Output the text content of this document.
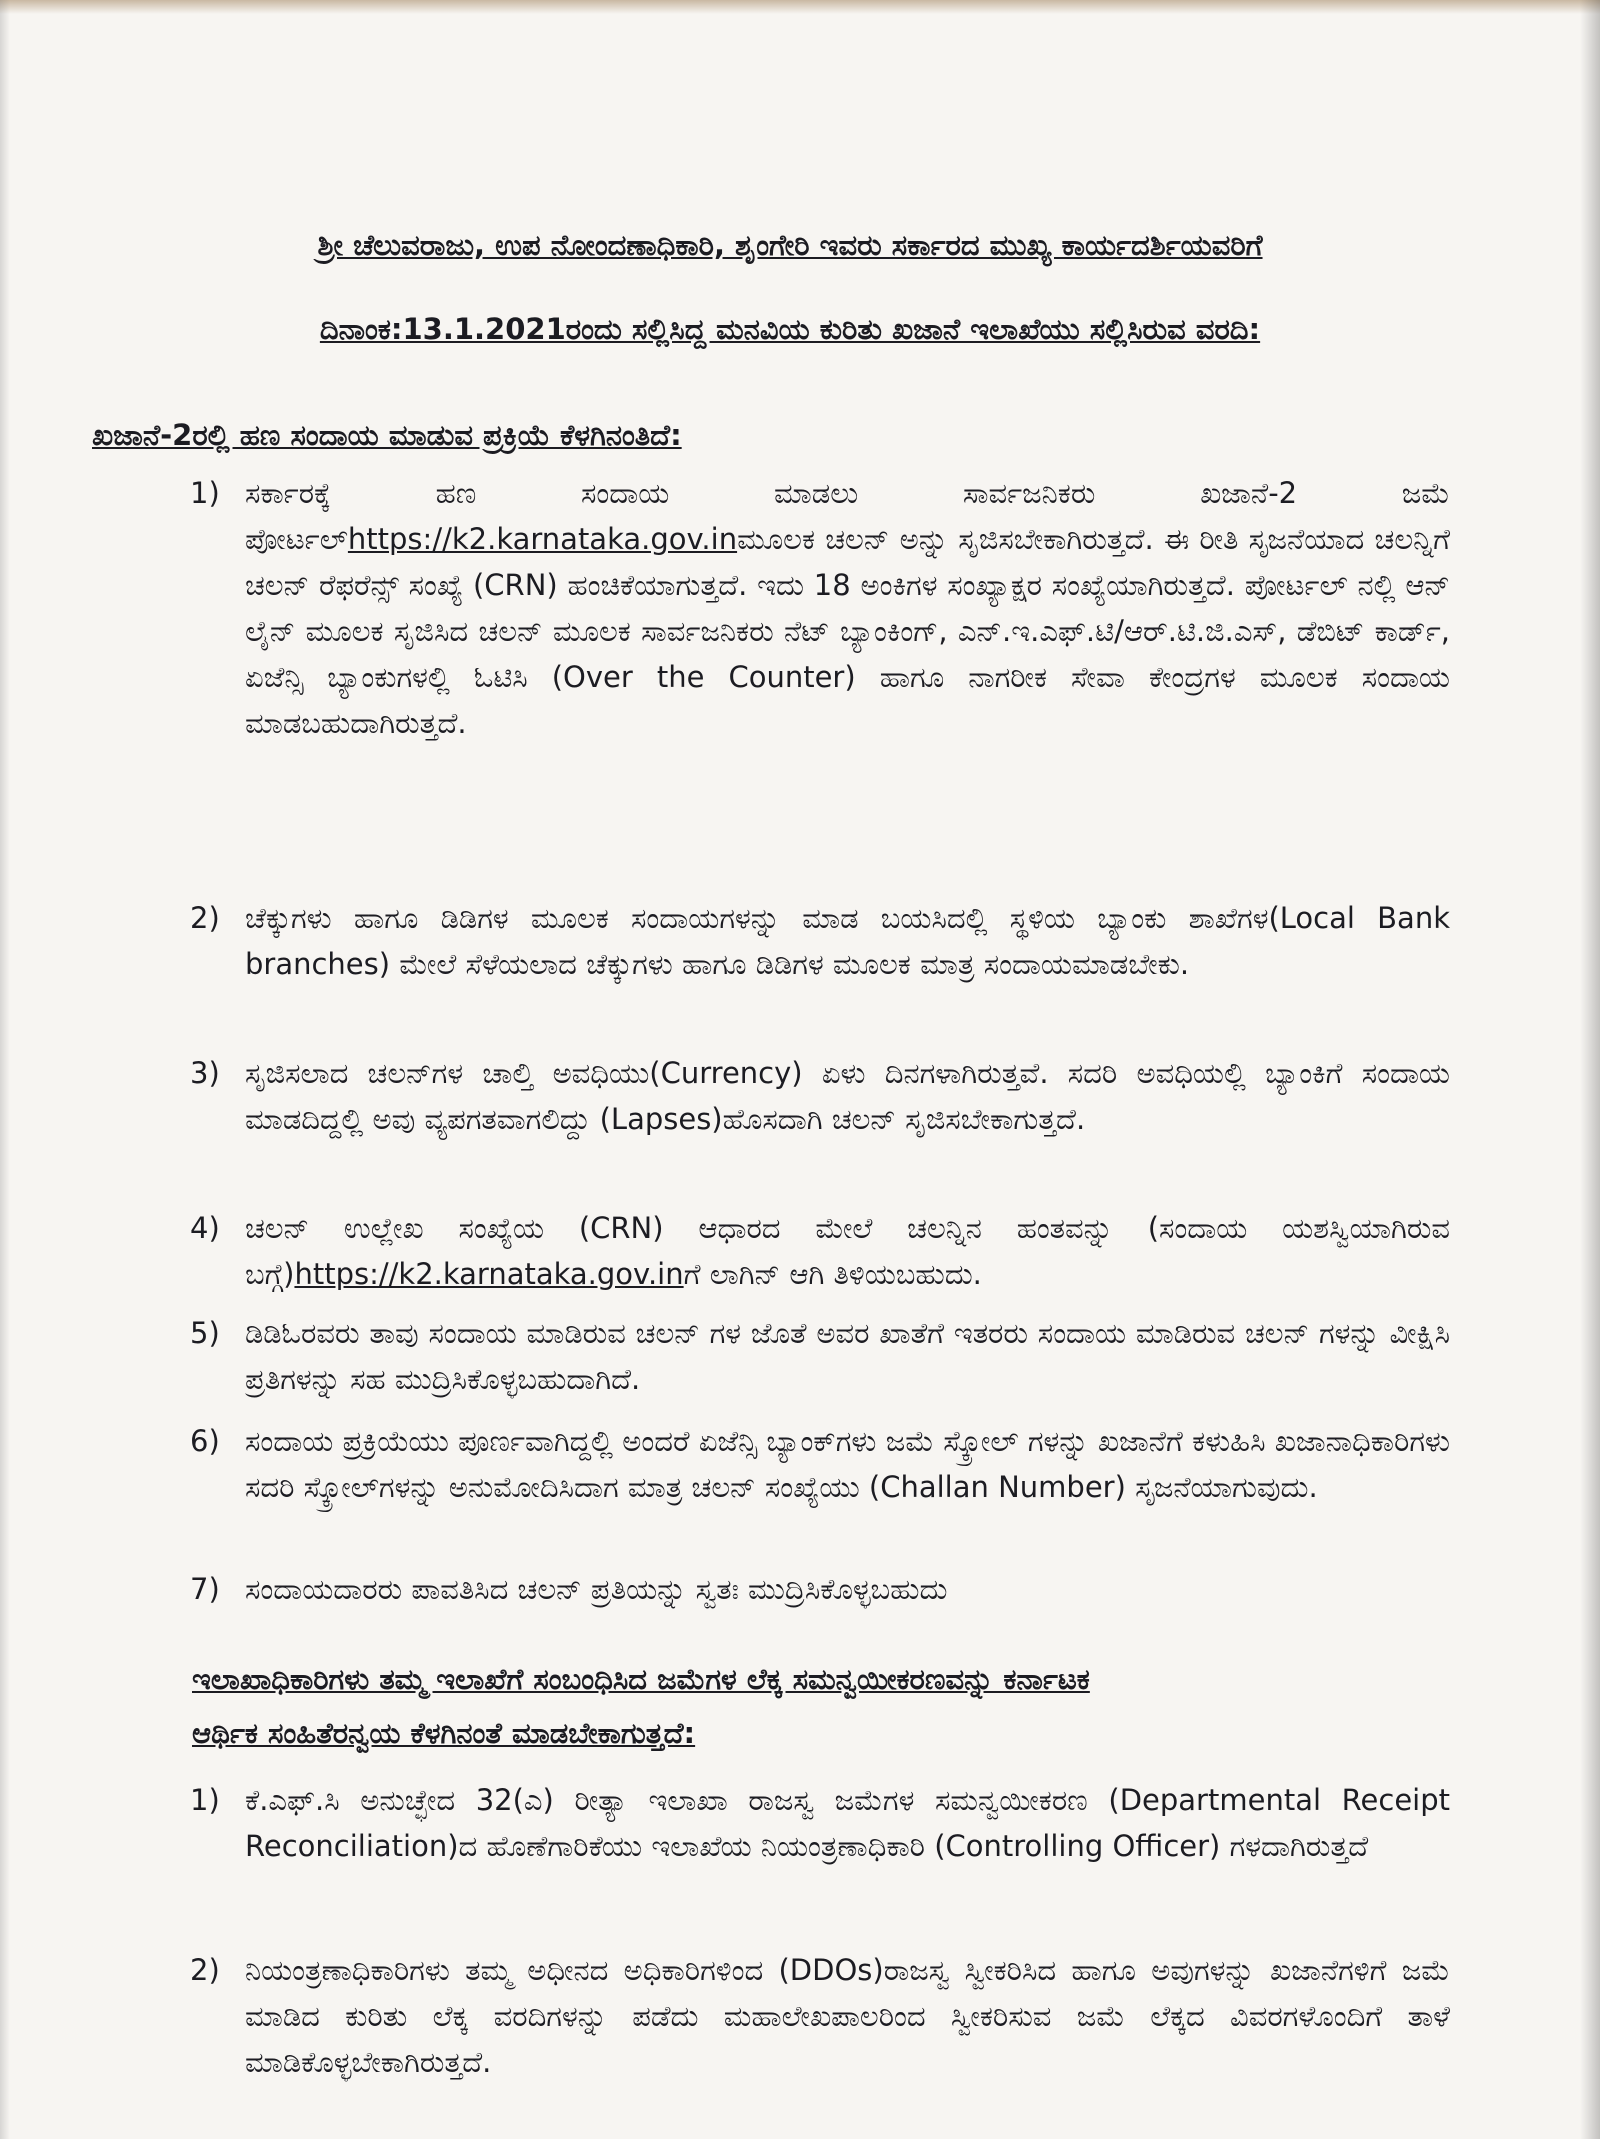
ಶ್ರೀ ಚೆಲುವರಾಜು, ಉಪ ನೋಂದಣಾಧಿಕಾರಿ, ಶೃಂಗೇರಿ ಇವರು ಸರ್ಕಾರದ ಮುಖ್ಯ ಕಾರ್ಯದರ್ಶಿಯವರಿಗೆ
ದಿನಾಂಕ:13.1.2021ರಂದು ಸಲ್ಲಿಸಿದ್ದ ಮನವಿಯ ಕುರಿತು ಖಜಾನೆ ಇಲಾಖೆಯು ಸಲ್ಲಿಸಿರುವ ವರದಿ:
ಖಜಾನೆ-2ರಲ್ಲಿ ಹಣ ಸಂದಾಯ ಮಾಡುವ ಪ್ರಕ್ರಿಯೆ ಕೆಳಗಿನಂತಿದೆ:
1) ಸರ್ಕಾರಕ್ಕೆ ಹಣ ಸಂದಾಯ ಮಾಡಲು ಸಾರ್ವಜನಿಕರು ಖಜಾನೆ-2 ಜಮೆ ಪೋರ್ಟಲ್https://k2.karnataka.gov.inಮೂಲಕ ಚಲನ್ ಅನ್ನು ಸೃಜಿಸಬೇಕಾಗಿರುತ್ತದೆ. ಈ ರೀತಿ ಸೃಜನೆಯಾದ ಚಲನ್ನಿಗೆ ಚಲನ್ ರೆಫರೆನ್ಸ್ ಸಂಖ್ಯೆ (CRN) ಹಂಚಿಕೆಯಾಗುತ್ತದೆ. ಇದು 18 ಅಂಕಿಗಳ ಸಂಖ್ಯಾಕ್ಷರ ಸಂಖ್ಯೆಯಾಗಿರುತ್ತದೆ. ಪೋರ್ಟಲ್ ನಲ್ಲಿ ಆನ್ ಲೈನ್ ಮೂಲಕ ಸೃಜಿಸಿದ ಚಲನ್ ಮೂಲಕ ಸಾರ್ವಜನಿಕರು ನೆಟ್ ಬ್ಯಾಂಕಿಂಗ್, ಎನ್.ಇ.ಎಫ್.ಟಿ/ಆರ್.ಟಿ.ಜಿ.ಎಸ್, ಡೆಬಿಟ್ ಕಾರ್ಡ್, ಏಜೆನ್ಸಿ ಬ್ಯಾಂಕುಗಳಲ್ಲಿ ಓಟಿಸಿ (Over the Counter) ಹಾಗೂ ನಾಗರೀಕ ಸೇವಾ ಕೇಂದ್ರಗಳ ಮೂಲಕ ಸಂದಾಯ ಮಾಡಬಹುದಾಗಿರುತ್ತದೆ.
2) ಚೆಕ್ಕುಗಳು ಹಾಗೂ ಡಿಡಿಗಳ ಮೂಲಕ ಸಂದಾಯಗಳನ್ನು ಮಾಡ ಬಯಸಿದಲ್ಲಿ ಸ್ಥಳಿಯ ಬ್ಯಾಂಕು ಶಾಖೆಗಳ(Local Bank branches) ಮೇಲೆ ಸೆಳೆಯಲಾದ ಚೆಕ್ಕುಗಳು ಹಾಗೂ ಡಿಡಿಗಳ ಮೂಲಕ ಮಾತ್ರ ಸಂದಾಯಮಾಡಬೇಕು.
3) ಸೃಜಿಸಲಾದ ಚಲನ್‌ಗಳ ಚಾಲ್ತಿ ಅವಧಿಯು(Currency) ಏಳು ದಿನಗಳಾಗಿರುತ್ತವೆ. ಸದರಿ ಅವಧಿಯಲ್ಲಿ ಬ್ಯಾಂಕಿಗೆ ಸಂದಾಯ ಮಾಡದಿದ್ದಲ್ಲಿ ಅವು ವ್ಯಪಗತವಾಗಲಿದ್ದು (Lapses)ಹೊಸದಾಗಿ ಚಲನ್ ಸೃಜಿಸಬೇಕಾಗುತ್ತದೆ.
4) ಚಲನ್ ಉಲ್ಲೇಖ ಸಂಖ್ಯೆಯ (CRN) ಆಧಾರದ ಮೇಲೆ ಚಲನ್ನಿನ ಹಂತವನ್ನು (ಸಂದಾಯ ಯಶಸ್ವಿಯಾಗಿರುವ ಬಗ್ಗೆ)https://k2.karnataka.gov.inಗೆ ಲಾಗಿನ್ ಆಗಿ ತಿಳಿಯಬಹುದು.
5) ಡಿಡಿಓರವರು ತಾವು ಸಂದಾಯ ಮಾಡಿರುವ ಚಲನ್ ಗಳ ಜೊತೆ ಅವರ ಖಾತೆಗೆ ಇತರರು ಸಂದಾಯ ಮಾಡಿರುವ ಚಲನ್ ಗಳನ್ನು ವೀಕ್ಷಿಸಿ ಪ್ರತಿಗಳನ್ನು ಸಹ ಮುದ್ರಿಸಿಕೊಳ್ಳಬಹುದಾಗಿದೆ.
6) ಸಂದಾಯ ಪ್ರಕ್ರಿಯೆಯು ಪೂರ್ಣವಾಗಿದ್ದಲ್ಲಿ ಅಂದರೆ ಏಜೆನ್ಸಿ ಬ್ಯಾಂಕ್‌ಗಳು ಜಮೆ ಸ್ಕ್ರೋಲ್ ಗಳನ್ನು ಖಜಾನೆಗೆ ಕಳುಹಿಸಿ ಖಜಾನಾಧಿಕಾರಿಗಳು ಸದರಿ ಸ್ಕ್ರೋಲ್‌ಗಳನ್ನು ಅನುಮೋದಿಸಿದಾಗ ಮಾತ್ರ ಚಲನ್ ಸಂಖ್ಯೆಯು (Challan Number) ಸೃಜನೆಯಾಗುವುದು.
7) ಸಂದಾಯದಾರರು ಪಾವತಿಸಿದ ಚಲನ್ ಪ್ರತಿಯನ್ನು ಸ್ವತಃ ಮುದ್ರಿಸಿಕೊಳ್ಳಬಹುದು
ಇಲಾಖಾಧಿಕಾರಿಗಳು ತಮ್ಮ ಇಲಾಖೆಗೆ ಸಂಬಂಧಿಸಿದ ಜಮೆಗಳ ಲೆಕ್ಕ ಸಮನ್ವಯೀಕರಣವನ್ನು ಕರ್ನಾಟಕ
ಆರ್ಥಿಕ ಸಂಹಿತೆರನ್ವಯ ಕೆಳಗಿನಂತೆ ಮಾಡಬೇಕಾಗುತ್ತದೆ:
1) ಕೆ.ಎಫ್.ಸಿ ಅನುಚ್ಛೇದ 32(ಎ) ರೀತ್ಯಾ ಇಲಾಖಾ ರಾಜಸ್ವ ಜಮೆಗಳ ಸಮನ್ವಯೀಕರಣ (Departmental Receipt Reconciliation)ದ ಹೊಣೆಗಾರಿಕೆಯು ಇಲಾಖೆಯ ನಿಯಂತ್ರಣಾಧಿಕಾರಿ (Controlling Officer) ಗಳದಾಗಿರುತ್ತದೆ
2) ನಿಯಂತ್ರಣಾಧಿಕಾರಿಗಳು ತಮ್ಮ ಅಧೀನದ ಅಧಿಕಾರಿಗಳಿಂದ (DDOs)ರಾಜಸ್ವ ಸ್ವೀಕರಿಸಿದ ಹಾಗೂ ಅವುಗಳನ್ನು ಖಜಾನೆಗಳಿಗೆ ಜಮೆ ಮಾಡಿದ ಕುರಿತು ಲೆಕ್ಕ ವರದಿಗಳನ್ನು ಪಡೆದು ಮಹಾಲೇಖಪಾಲರಿಂದ ಸ್ವೀಕರಿಸುವ ಜಮೆ ಲೆಕ್ಕದ ವಿವರಗಳೊಂದಿಗೆ ತಾಳೆ ಮಾಡಿಕೊಳ್ಳಬೇಕಾಗಿರುತ್ತದೆ.
